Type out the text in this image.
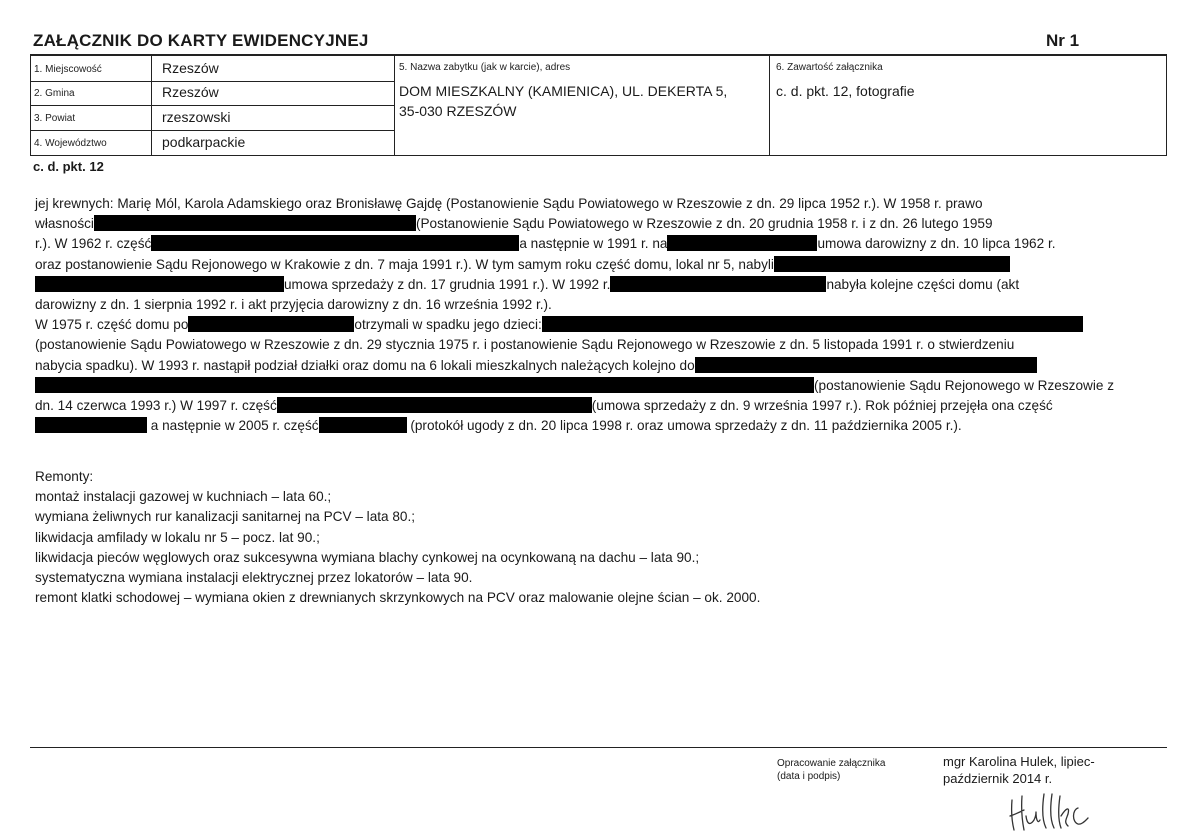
ZAŁĄCZNIK DO KARTY EWIDENCYJNEJ	Nr 1
1. Miejscowość	Rzeszów
2. Gmina	Rzeszów
3. Powiat	rzeszowski
4. Województwo	podkarpackie
5. Nazwa zabytku (jak w karcie), adres
DOM MIESZKALNY (KAMIENICA), UL. DEKERTA 5,
35-030 RZESZÓW
6. Zawartość załącznika
c. d. pkt. 12, fotografie
c. d. pkt. 12

jej krewnych: Marię Mól, Karola Adamskiego oraz Bronisławę Gajdę (Postanowienie Sądu Powiatowego w Rzeszowie z dn. 29 lipca 1952 r.). W 1958 r. prawo

własności	(Postanowienie Sądu Powiatowego w Rzeszowie z dn. 20 grudnia 1958 r. i z dn. 26 lutego 1959

r.). W 1962 r. część	a następnie w 1991 r. na	umowa darowizny z dn. 10 lipca 1962 r.

oraz postanowienie Sądu Rejonowego w Krakowie z dn. 7 maja 1991 r.). W tym samym roku część domu, lokal nr 5, nabyli

umowa sprzedaży z dn. 17 grudnia 1991 r.). W 1992 r.	nabyła kolejne części domu (akt

darowizny z dn. 1 sierpnia 1992 r. i akt przyjęcia darowizny z dn. 16 września 1992 r.).

W 1975 r. część domu po	otrzymali w spadku jego dzieci:

(postanowienie Sądu Powiatowego w Rzeszowie z dn. 29 stycznia 1975 r. i postanowienie Sądu Rejonowego w Rzeszowie z dn. 5 listopada 1991 r. o stwierdzeniu

nabycia spadku). W 1993 r. nastąpił podział działki oraz domu na 6 lokali mieszkalnych należących kolejno do

(postanowienie Sądu Rejonowego w Rzeszowie z

dn. 14 czerwca 1993 r.) W 1997 r. część	(umowa sprzedaży z dn. 9 września 1997 r.). Rok później przejęła ona część

a następnie w 2005 r. część	(protokół ugody z dn. 20 lipca 1998 r. oraz umowa sprzedaży z dn. 11 października 2005 r.).

Remonty:
montaż instalacji gazowej w kuchniach – lata 60.;
wymiana żeliwnych rur kanalizacji sanitarnej na PCV – lata 80.;
likwidacja amfilady w lokalu nr 5 – pocz. lat 90.;
likwidacja pieców węglowych oraz sukcesywna wymiana blachy cynkowej na ocynkowaną na dachu – lata 90.;
systematyczna wymiana instalacji elektrycznej przez lokatorów – lata 90.
remont klatki schodowej – wymiana okien z drewnianych skrzynkowych na PCV oraz malowanie olejne ścian – ok. 2000.
Opracowanie załącznika
(data i podpis)
mgr Karolina Hulek, lipiec-
październik 2014 r.
